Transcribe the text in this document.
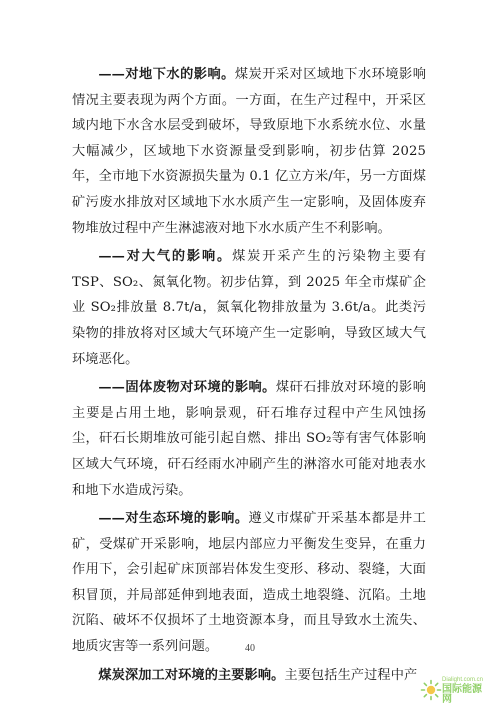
——对地下水的影响。煤炭开采对区域地下水环境影响情况主要表现为两个方面。一方面，在生产过程中，开采区域内地下水含水层受到破坏，导致原地下水系统水位、水量大幅减少，区域地下水资源量受到影响，初步估算 2025 年，全市地下水资源损失量为 0.1 亿立方米/年，另一方面煤矿污废水排放对区域地下水水质产生一定影响，及固体废弃物堆放过程中产生淋滤液对地下水水质产生不利影响。

——对大气的影响。煤炭开采产生的污染物主要有 TSP、SO₂、氮氧化物。初步估算，到 2025 年全市煤矿企业 SO₂排放量 8.7t/a，氮氧化物排放量为 3.6t/a。此类污染物的排放将对区域大气环境产生一定影响，导致区域大气环境恶化。

——固体废物对环境的影响。煤矸石排放对环境的影响主要是占用土地，影响景观，矸石堆存过程中产生风蚀扬尘，矸石长期堆放可能引起自燃、排出 SO₂等有害气体影响区域大气环境，矸石经雨水冲刷产生的淋溶水可能对地表水和地下水造成污染。

——对生态环境的影响。遵义市煤矿开采基本都是井工矿，受煤矿开采影响，地层内部应力平衡发生变异，在重力作用下，会引起矿床顶部岩体发生变形、移动、裂缝，大面积冒顶，并局部延伸到地表面，造成土地裂缝、沉陷。土地沉陷、破坏不仅损坏了土地资源本身，而且导致水土流失、地质灾害等一系列问题。

煤炭深加工对环境的主要影响。主要包括生产过程中产

40
Dialight.com.cn
国际能源网
